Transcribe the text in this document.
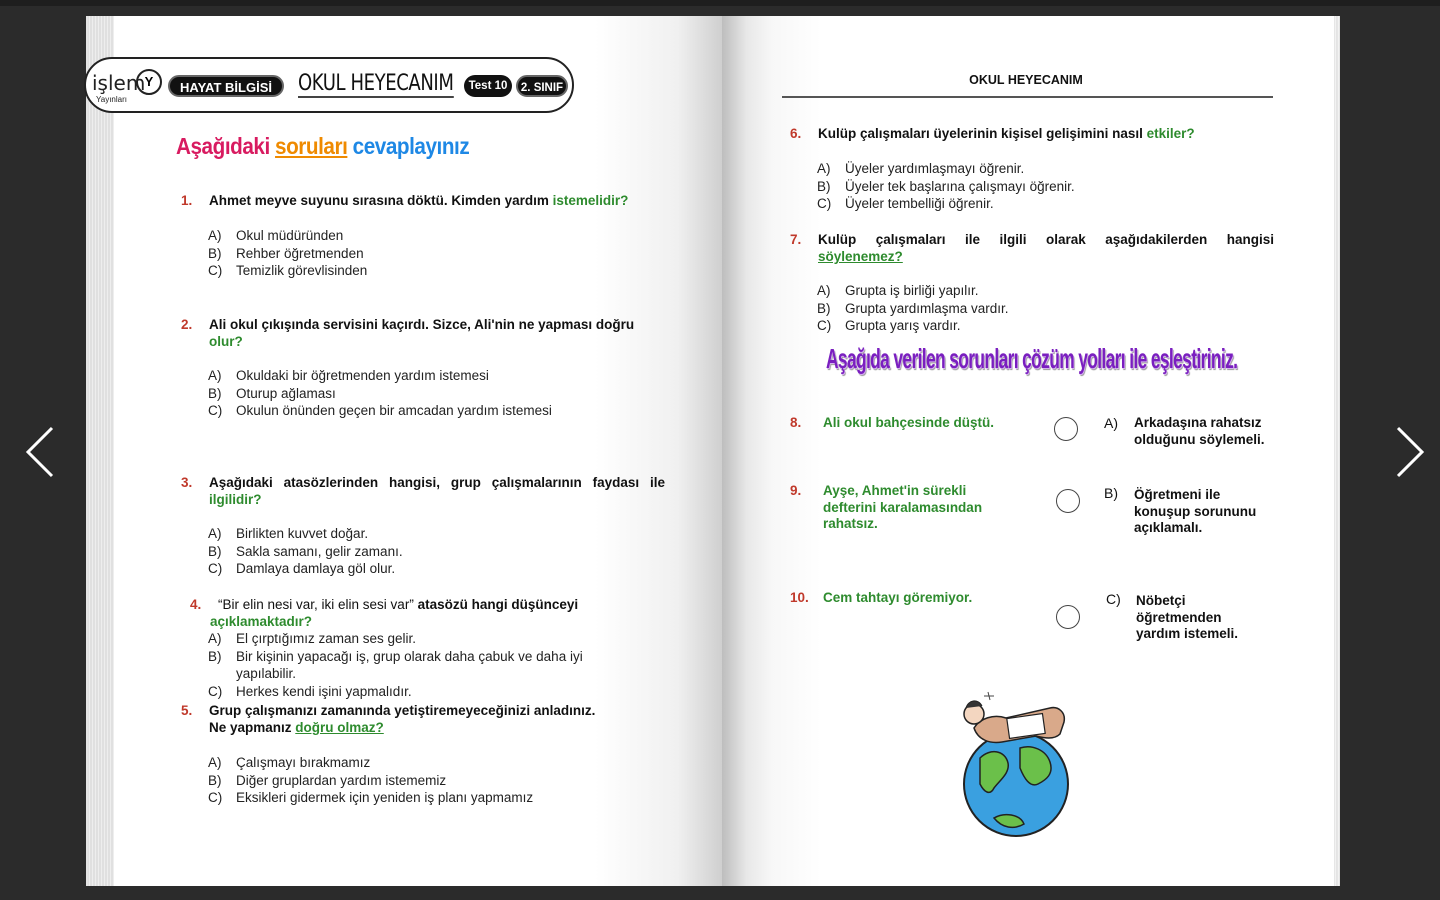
işlem
Yayınları
Y	HAYAT BİLGİSİ	OKUL HEYECANIM	Test 10	2. SINIF
Aşağıdaki soruları cevaplayınız
1.	Ahmet meyve suyunu sırasına döktü. Kimden yardım istemelidir?
A)	Okul müdüründen
B)	Rehber öğretmenden
C)	Temizlik görevlisinden
2.	Ali okul çıkışında servisini kaçırdı. Sizce, Ali'nin ne yapması doğru
olur?
A)	Okuldaki bir öğretmenden yardım istemesi
B)	Oturup ağlaması
C)	Okulun önünden geçen bir amcadan yardım istemesi
3. Aşağıdaki atasözlerinden hangisi, grup çalışmalarının faydası ile
ilgilidir?
A)	Birlikten kuvvet doğar.
B)	Sakla samanı, gelir zamanı.
C)	Damlaya damlaya göl olur.
4.	“Bir elin nesi var, iki elin sesi var” atasözü hangi düşünceyi
açıklamaktadır?
A)	El çırptığımız zaman ses gelir.
B)	Bir kişinin yapacağı iş, grup olarak daha çabuk ve daha iyi
yapılabilir.
C)	Herkes kendi işini yapmalıdır.
5.	Grup çalışmanızı zamanında yetiştiremeyeceğinizi anladınız.
Ne yapmanız doğru olmaz?
A)	Çalışmayı bırakmamız
B)	Diğer gruplardan yardım istememiz
C)	Eksikleri gidermek için yeniden iş planı yapmamız
OKUL HEYECANIM
6.	Kulüp çalışmaları üyelerinin kişisel gelişimini nasıl etkiler?
A)	Üyeler yardımlaşmayı öğrenir.
B)	Üyeler tek başlarına çalışmayı öğrenir.
C)	Üyeler tembelliği öğrenir.
7. Kulüp çalışmaları ile ilgili olarak aşağıdakilerden hangisi
söylenemez?
A)	Grupta iş birliği yapılır.
B)	Grupta yardımlaşma vardır.
C)	Grupta yarış vardır.
Aşağıda verilen sorunları çözüm yolları ile eşleştiriniz.
8.	Ali okul bahçesinde düştü.
9.	Ayşe, Ahmet'in sürekli
defterini karalamasından
rahatsız.
10.	Cem tahtayı göremiyor.
A)	Arkadaşına rahatsız
olduğunu söylemeli.
B)	Öğretmeni ile
konuşup sorununu
açıklamalı.
C)	Nöbetçi
öğretmenden
yardım istemeli.
